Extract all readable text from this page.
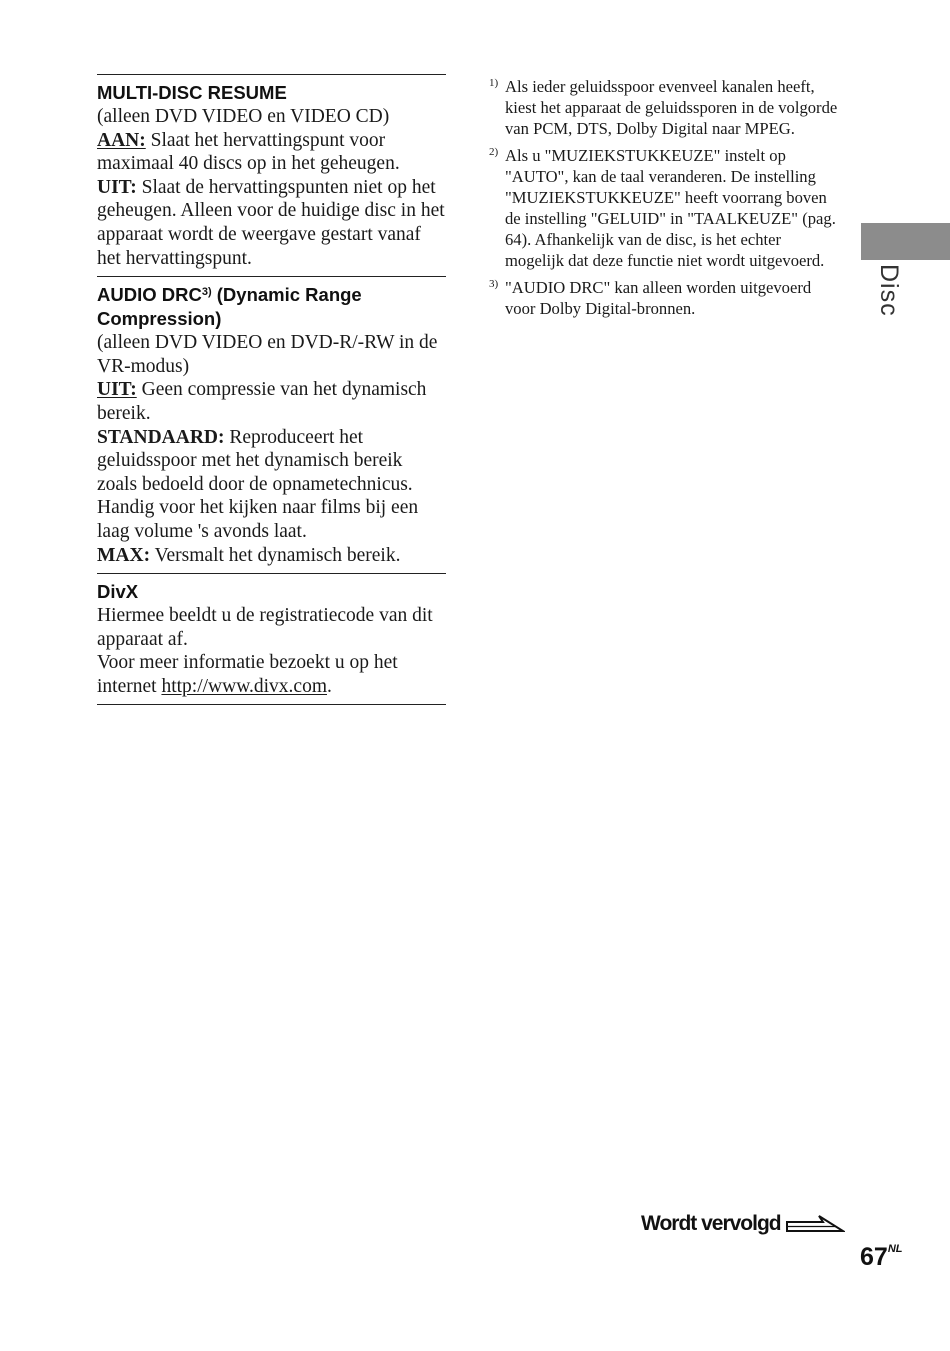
MULTI-DISC RESUME

(alleen DVD VIDEO en VIDEO CD)

AAN: Slaat het hervattingspunt voor maximaal 40 discs op in het geheugen.

UIT: Slaat de hervattingspunten niet op het geheugen. Alleen voor de huidige disc in het apparaat wordt de weergave gestart vanaf het hervattingspunt.

AUDIO DRC$^{3)}$ (Dynamic Range Compression)

(alleen DVD VIDEO en DVD-R/-RW in de VR-modus)

UIT: Geen compressie van het dynamisch bereik.

STANDAARD: Reproduceert het geluidsspoor met het dynamisch bereik zoals bedoeld door de opnametechnicus. Handig voor het kijken naar films bij een laag volume 's avonds laat.

MAX: Versmalt het dynamisch bereik.

DivX

Hiermee beeldt u de registratiecode van dit apparaat af.

Voor meer informatie bezoekt u op het internet http://www.divx.com.

1) Als ieder geluidsspoor evenveel kanalen heeft, kiest het apparaat de geluidssporen in de volgorde van PCM, DTS, Dolby Digital naar MPEG.
2) Als u "MUZIEKSTUKKEUZE" instelt op "AUTO", kan de taal veranderen. De instelling "MUZIEKSTUKKEUZE" heeft voorrang boven de instelling "GELUID" in "TAALKEUZE" (pag. 64). Afhankelijk van de disc, is het echter mogelijk dat deze functie niet wordt uitgevoerd.
3) "AUDIO DRC" kan alleen worden uitgevoerd voor Dolby Digital-bronnen.	Disc
Wordt vervolgd
$67^{NL}$
